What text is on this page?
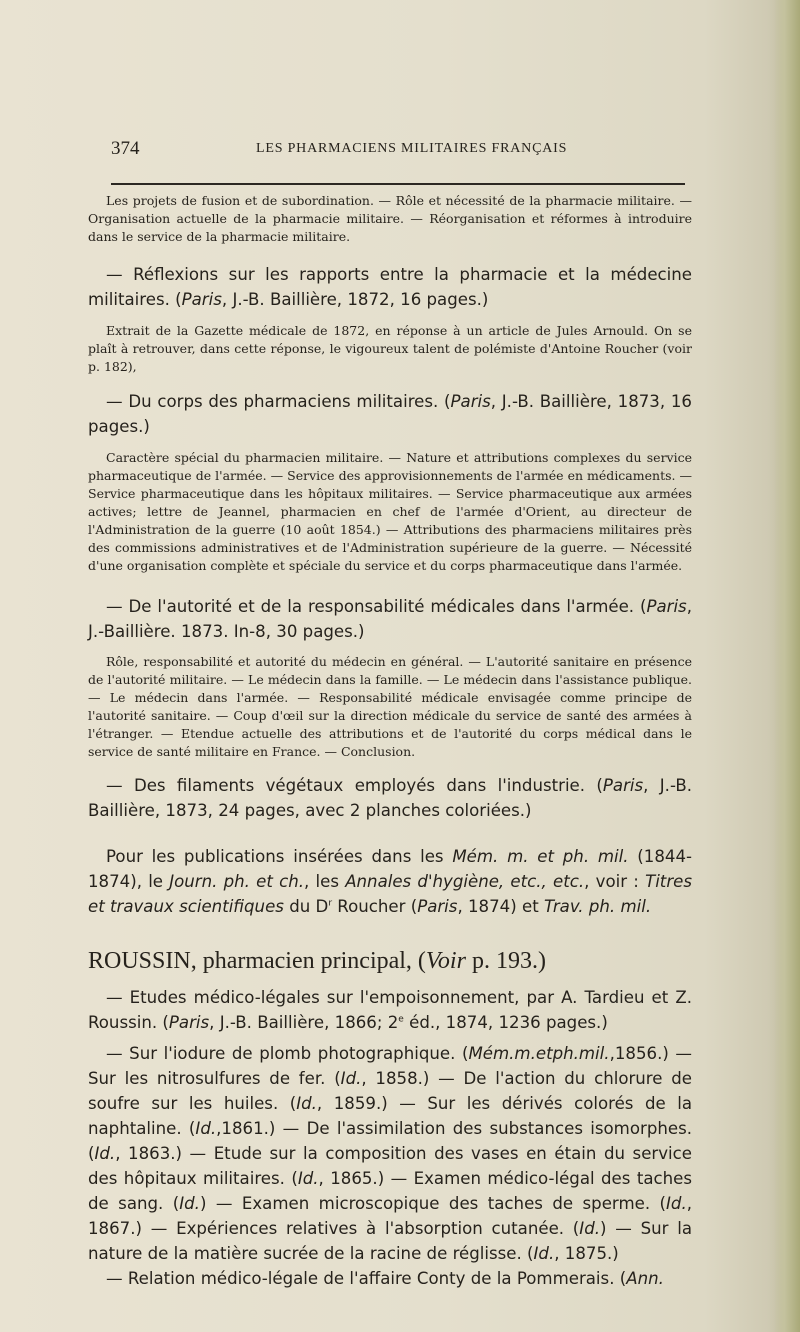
374	LES PHARMACIENS MILITAIRES FRANÇAIS

Les projets de fusion et de subordination. — Rôle et nécessité de la pharmacie militaire. — Organisation actuelle de la pharmacie militaire. — Réorganisation et réformes à introduire dans le service de la pharmacie militaire.

— Réflexions sur les rapports entre la pharmacie et la médecine militaires. (Paris, J.-B. Baillière, 1872, 16 pages.)

Extrait de la Gazette médicale de 1872, en réponse à un article de Jules Arnould. On se plaît à retrouver, dans cette réponse, le vigoureux talent de polémiste d'Antoine Roucher (voir p. 182),

— Du corps des pharmaciens militaires. (Paris, J.-B. Baillière, 1873, 16 pages.)

Caractère spécial du pharmacien militaire. — Nature et attributions complexes du service pharmaceutique de l'armée. — Service des approvisionnements de l'armée en médicaments. — Service pharmaceutique dans les hôpitaux militaires. — Service pharmaceutique aux armées actives; lettre de Jeannel, pharmacien en chef de l'armée d'Orient, au directeur de l'Administration de la guerre (10 août 1854.) — Attributions des pharmaciens militaires près des commissions administratives et de l'Administration supérieure de la guerre. — Nécessité d'une organisation complète et spéciale du service et du corps pharmaceutique dans l'armée.

— De l'autorité et de la responsabilité médicales dans l'armée. (Paris, J.-Baillière. 1873. In-8, 30 pages.)

Rôle, responsabilité et autorité du médecin en général. — L'autorité sanitaire en présence de l'autorité militaire. — Le médecin dans la famille. — Le médecin dans l'assistance publique. — Le médecin dans l'armée. — Responsabilité médicale envisagée comme principe de l'autorité sanitaire. — Coup d'œil sur la direction médicale du service de santé des armées à l'étranger. — Etendue actuelle des attributions et de l'autorité du corps médical dans le service de santé militaire en France. — Conclusion.

— Des filaments végétaux employés dans l'industrie. (Paris, J.-B. Baillière, 1873, 24 pages, avec 2 planches coloriées.)

Pour les publications insérées dans les Mém. m. et ph. mil. (1844-1874), le Journ. ph. et ch., les Annales d'hygiène, etc., etc., voir : Titres et travaux scientifiques du $D^r$ Roucher (Paris, 1874) et Trav. ph. mil.

ROUSSIN, pharmacien principal, (Voir p. 193.)

— Etudes médico-légales sur l'empoisonnement, par A. Tardieu et Z. Roussin. (Paris, J.-B. Baillière, 1866; 2e éd., 1874, 1236 pages.)

— Sur l'iodure de plomb photographique. (Mém.m.etph.mil.,1856.) — Sur les nitrosulfures de fer. (Id., 1858.) — De l'action du chlorure de soufre sur les huiles. (Id., 1859.) — Sur les dérivés colorés de la naphtaline. (Id.,1861.) — De l'assimilation des substances isomorphes. (Id., 1863.) — Etude sur la composition des vases en étain du service des hôpitaux militaires. (Id., 1865.) — Examen médico-légal des taches de sang. (Id.) — Examen microscopique des taches de sperme. (Id., 1867.) — Expériences relatives à l'absorption cutanée. (Id.) — Sur la nature de la matière sucrée de la racine de réglisse. (Id., 1875.)

— Relation médico-légale de l'affaire Conty de la Pommerais. (Ann.
